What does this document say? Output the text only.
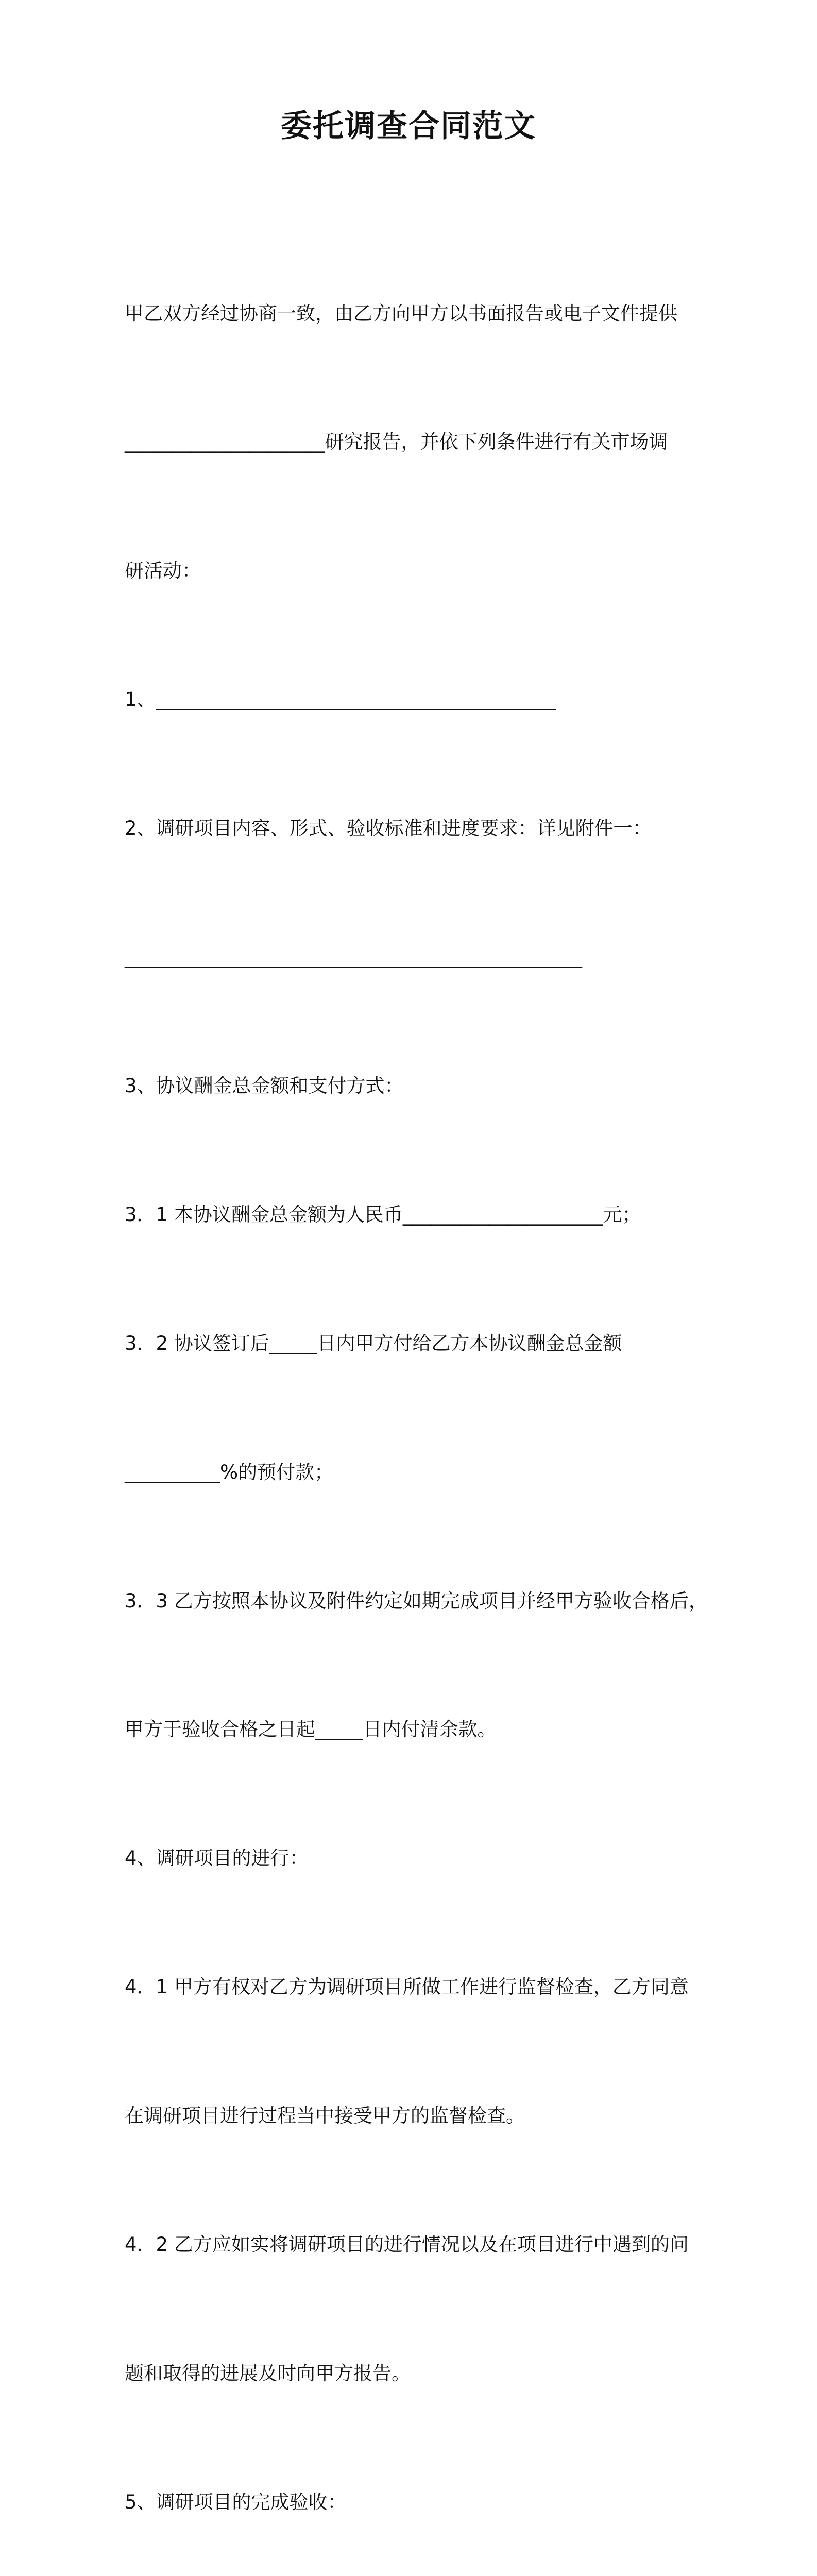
委托调查合同范文

甲乙双方经过协商一致，由乙方向甲方以书面报告或电子文件提供

_____________________研究报告，并依下列条件进行有关市场调

研活动：

1、__________________________________________

2、调研项目内容、形式、验收标准和进度要求：详见附件一：

________________________________________________

3、协议酬金总金额和支付方式：

3．1 本协议酬金总金额为人民币_____________________元；

3．2 协议签订后_____日内甲方付给乙方本协议酬金总金额

__________%的预付款；

3．3 乙方按照本协议及附件约定如期完成项目并经甲方验收合格后，

甲方于验收合格之日起_____日内付清余款。

4、调研项目的进行：

4．1 甲方有权对乙方为调研项目所做工作进行监督检查，乙方同意

在调研项目进行过程当中接受甲方的监督检查。

4．2 乙方应如实将调研项目的进行情况以及在项目进行中遇到的问

题和取得的进展及时向甲方报告。

5、调研项目的完成验收：
